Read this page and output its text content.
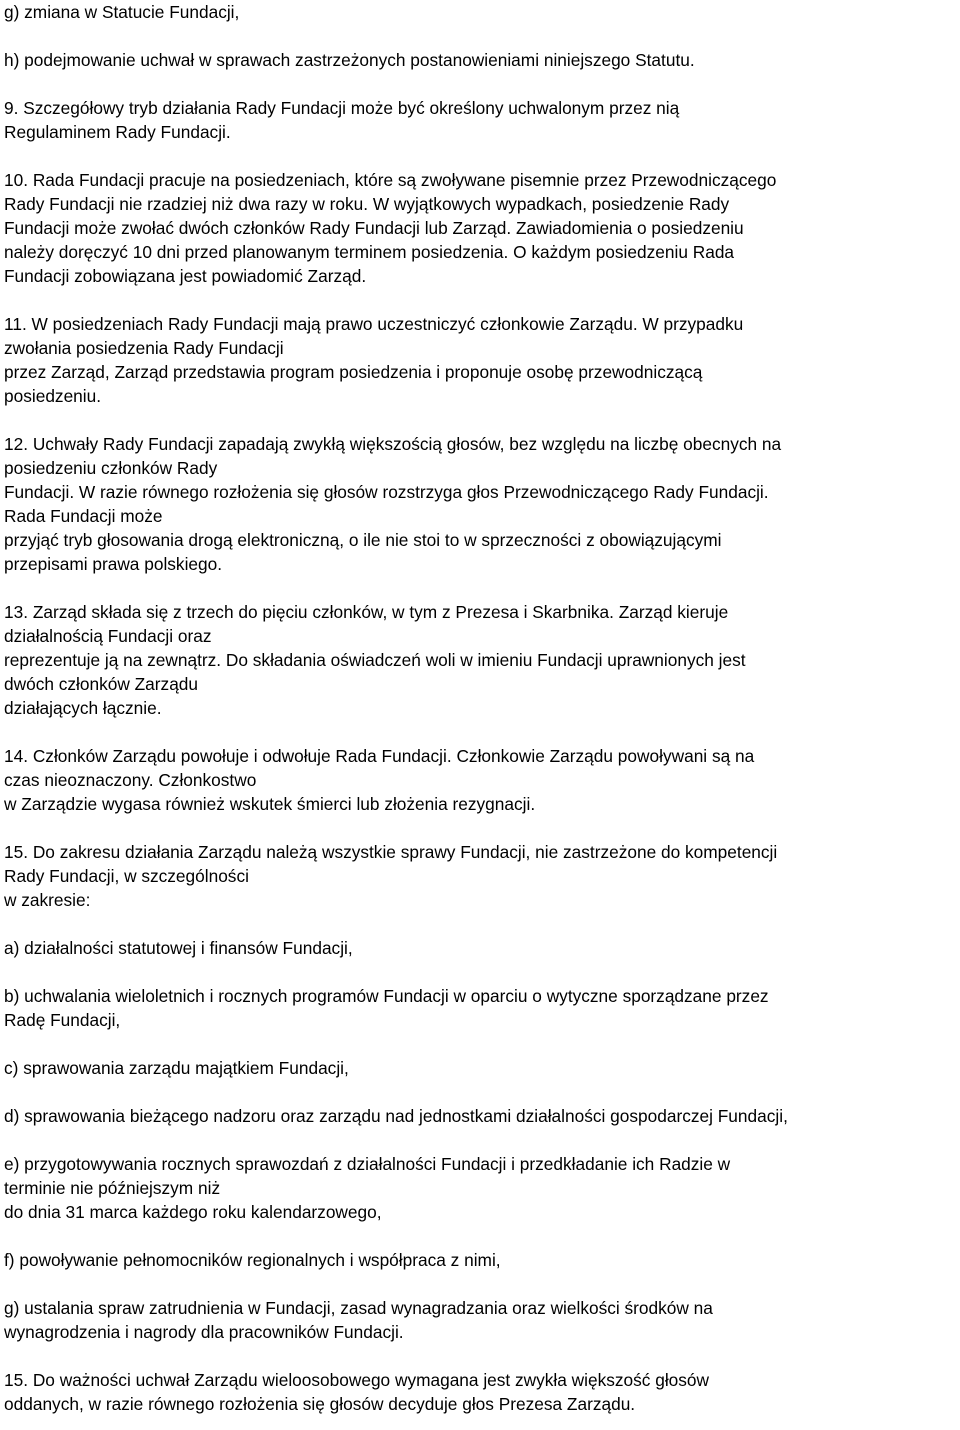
g) zmiana w Statucie Fundacji,
h) podejmowanie uchwał w sprawach zastrzeżonych postanowieniami niniejszego Statutu.
9. Szczegółowy tryb działania Rady Fundacji może być określony uchwalonym przez nią
Regulaminem Rady Fundacji.
10. Rada Fundacji pracuje na posiedzeniach, które są zwoływane pisemnie przez Przewodniczącego
Rady Fundacji nie rzadziej niż dwa razy w roku. W wyjątkowych wypadkach, posiedzenie Rady
Fundacji może zwołać dwóch członków Rady Fundacji lub Zarząd. Zawiadomienia o posiedzeniu
należy doręczyć 10 dni przed planowanym terminem posiedzenia. O każdym posiedzeniu Rada
Fundacji zobowiązana jest powiadomić Zarząd.
11. W posiedzeniach Rady Fundacji mają prawo uczestniczyć członkowie Zarządu. W przypadku
zwołania posiedzenia Rady Fundacji
przez Zarząd, Zarząd przedstawia program posiedzenia i proponuje osobę przewodniczącą
posiedzeniu.
12. Uchwały Rady Fundacji zapadają zwykłą większością głosów, bez względu na liczbę obecnych na
posiedzeniu członków Rady
Fundacji. W razie równego rozłożenia się głosów rozstrzyga głos Przewodniczącego Rady Fundacji.
Rada Fundacji może
przyjąć tryb głosowania drogą elektroniczną, o ile nie stoi to w sprzeczności z obowiązującymi
przepisami prawa polskiego.
13. Zarząd składa się z trzech do pięciu członków, w tym z Prezesa i Skarbnika. Zarząd kieruje
działalnością Fundacji oraz
reprezentuje ją na zewnątrz. Do składania oświadczeń woli w imieniu Fundacji uprawnionych jest
dwóch członków Zarządu
działających łącznie.
14. Członków Zarządu powołuje i odwołuje Rada Fundacji. Członkowie Zarządu powoływani są na
czas nieoznaczony. Członkostwo
w Zarządzie wygasa również wskutek śmierci lub złożenia rezygnacji.
15. Do zakresu działania Zarządu należą wszystkie sprawy Fundacji, nie zastrzeżone do kompetencji
Rady Fundacji, w szczególności
w zakresie:
a) działalności statutowej i finansów Fundacji,
b) uchwalania wieloletnich i rocznych programów Fundacji w oparciu o wytyczne sporządzane przez
Radę Fundacji,
c) sprawowania zarządu majątkiem Fundacji,
d) sprawowania bieżącego nadzoru oraz zarządu nad jednostkami działalności gospodarczej Fundacji,
e) przygotowywania rocznych sprawozdań z działalności Fundacji i przedkładanie ich Radzie w
terminie nie późniejszym niż
do dnia 31 marca każdego roku kalendarzowego,
f) powoływanie pełnomocników regionalnych i współpraca z nimi,
g) ustalania spraw zatrudnienia w Fundacji, zasad wynagradzania oraz wielkości środków na
wynagrodzenia i nagrody dla pracowników Fundacji.
15. Do ważności uchwał Zarządu wieloosobowego wymagana jest zwykła większość głosów
oddanych, w razie równego rozłożenia się głosów decyduje głos Prezesa Zarządu.
